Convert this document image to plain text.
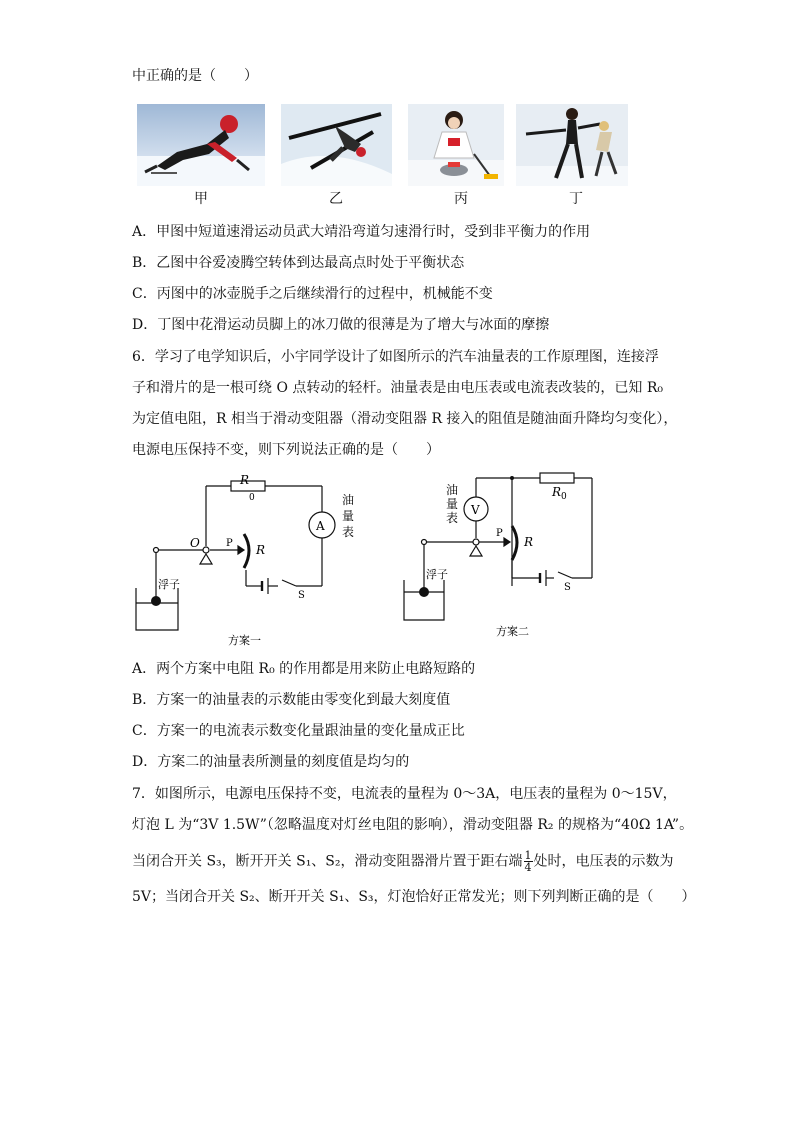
中正确的是（　　）
甲	乙	丙	丁
A．甲图中短道速滑运动员武大靖沿弯道匀速滑行时，受到非平衡力的作用
B．乙图中谷爱凌腾空转体到达最高点时处于平衡状态
C．丙图中的冰壶脱手之后继续滑行的过程中，机械能不变
D．丁图中花滑运动员脚上的冰刀做的很薄是为了增大与冰面的摩擦
6．学习了电学知识后，小宇同学设计了如图所示的汽车油量表的工作原理图，连接浮
子和滑片的是一根可绕 O 点转动的轻杆。油量表是由电压表或电流表改装的，已知 R₀
为定值电阻，R 相当于滑动变阻器（滑动变阻器 R 接入的阻值是随油面升降均匀变化），
电源电压保持不变，则下列说法正确的是（　　）
R
0
A
油
量
表
O	P R
浮子
S
方案一
R 0
V
油
量
表
P
R
浮子
S
方案二
A．两个方案中电阻 R₀ 的作用都是用来防止电路短路的
B．方案一的油量表的示数能由零变化到最大刻度值
C．方案一的电流表示数变化量跟油量的变化量成正比
D．方案二的油量表所测量的刻度值是均匀的
7．如图所示，电源电压保持不变，电流表的量程为 0～3A，电压表的量程为 0～15V，
灯泡 L 为“3V 1.5W”（忽略温度对灯丝电阻的影响），滑动变阻器 R₂ 的规格为“40Ω 1A”。
当闭合开关 S₃，断开开关 S₁、S₂，滑动变阻器滑片置于距右端 $\frac{1}{4}$ 处时，电压表的示数为
5V；当闭合开关 S₂、断开开关 S₁、S₃，灯泡恰好正常发光；则下列判断正确的是（　　）
